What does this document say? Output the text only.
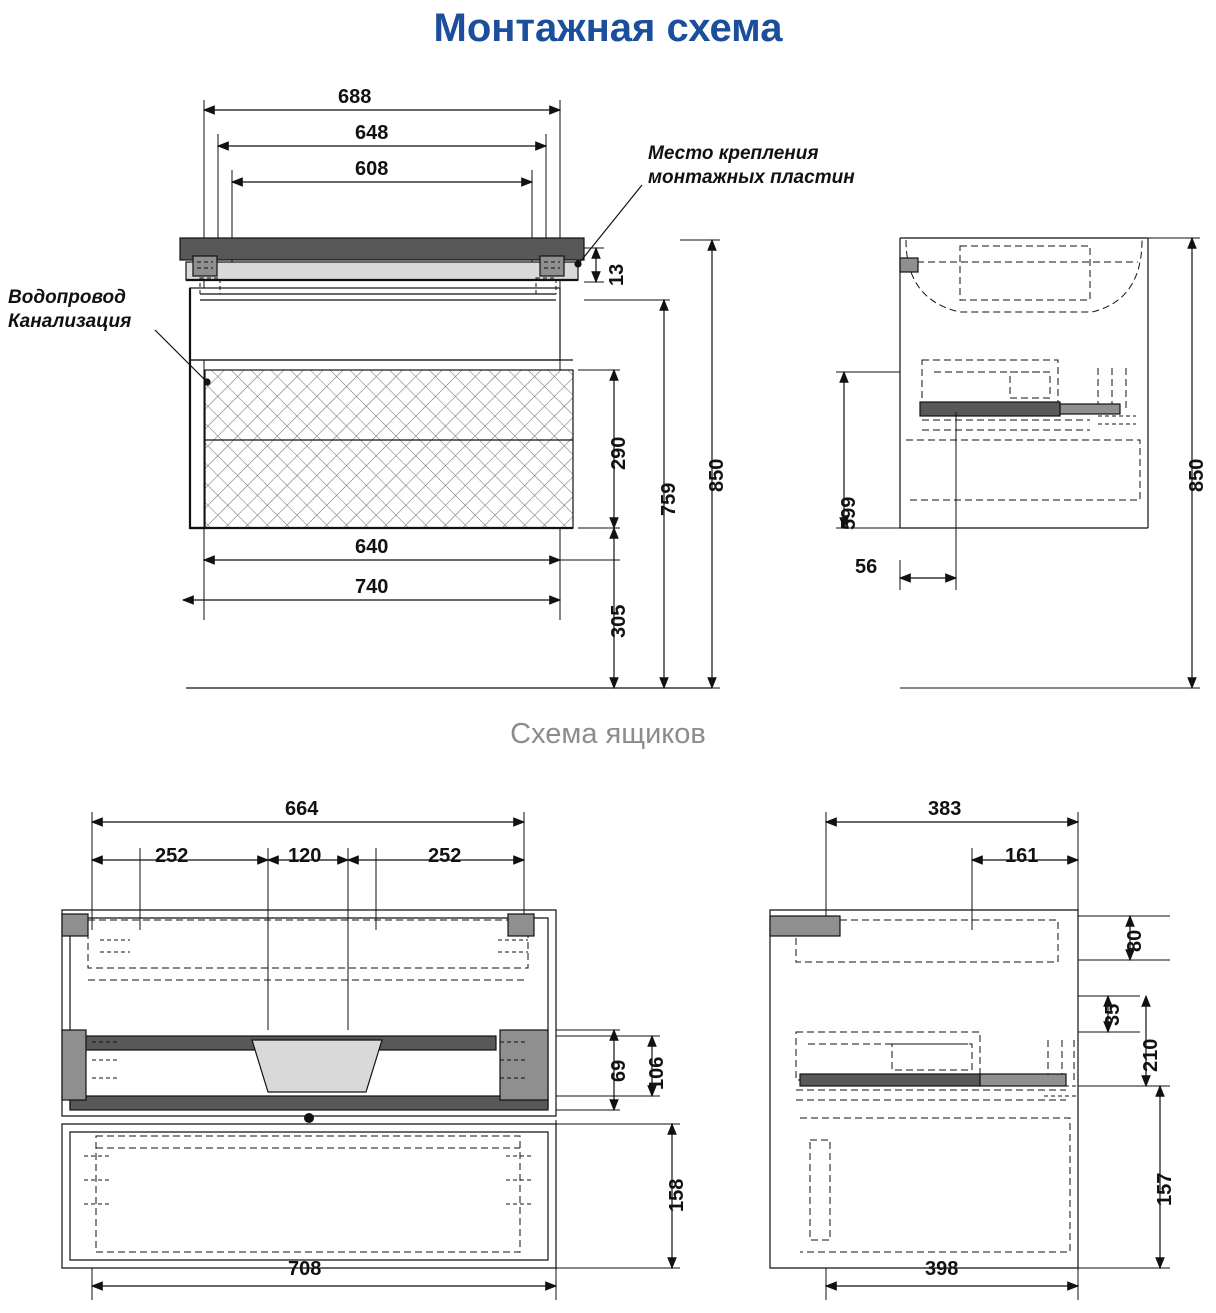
Монтажная схема
Схема ящиков
Место крепления
монтажных пластин
Водопровод
Канализация
688
648
608
13
290
305
759
850
640
740
599
56
850
664
252	120	252
69 106
158
708
383
161
80
35
210
157
398
